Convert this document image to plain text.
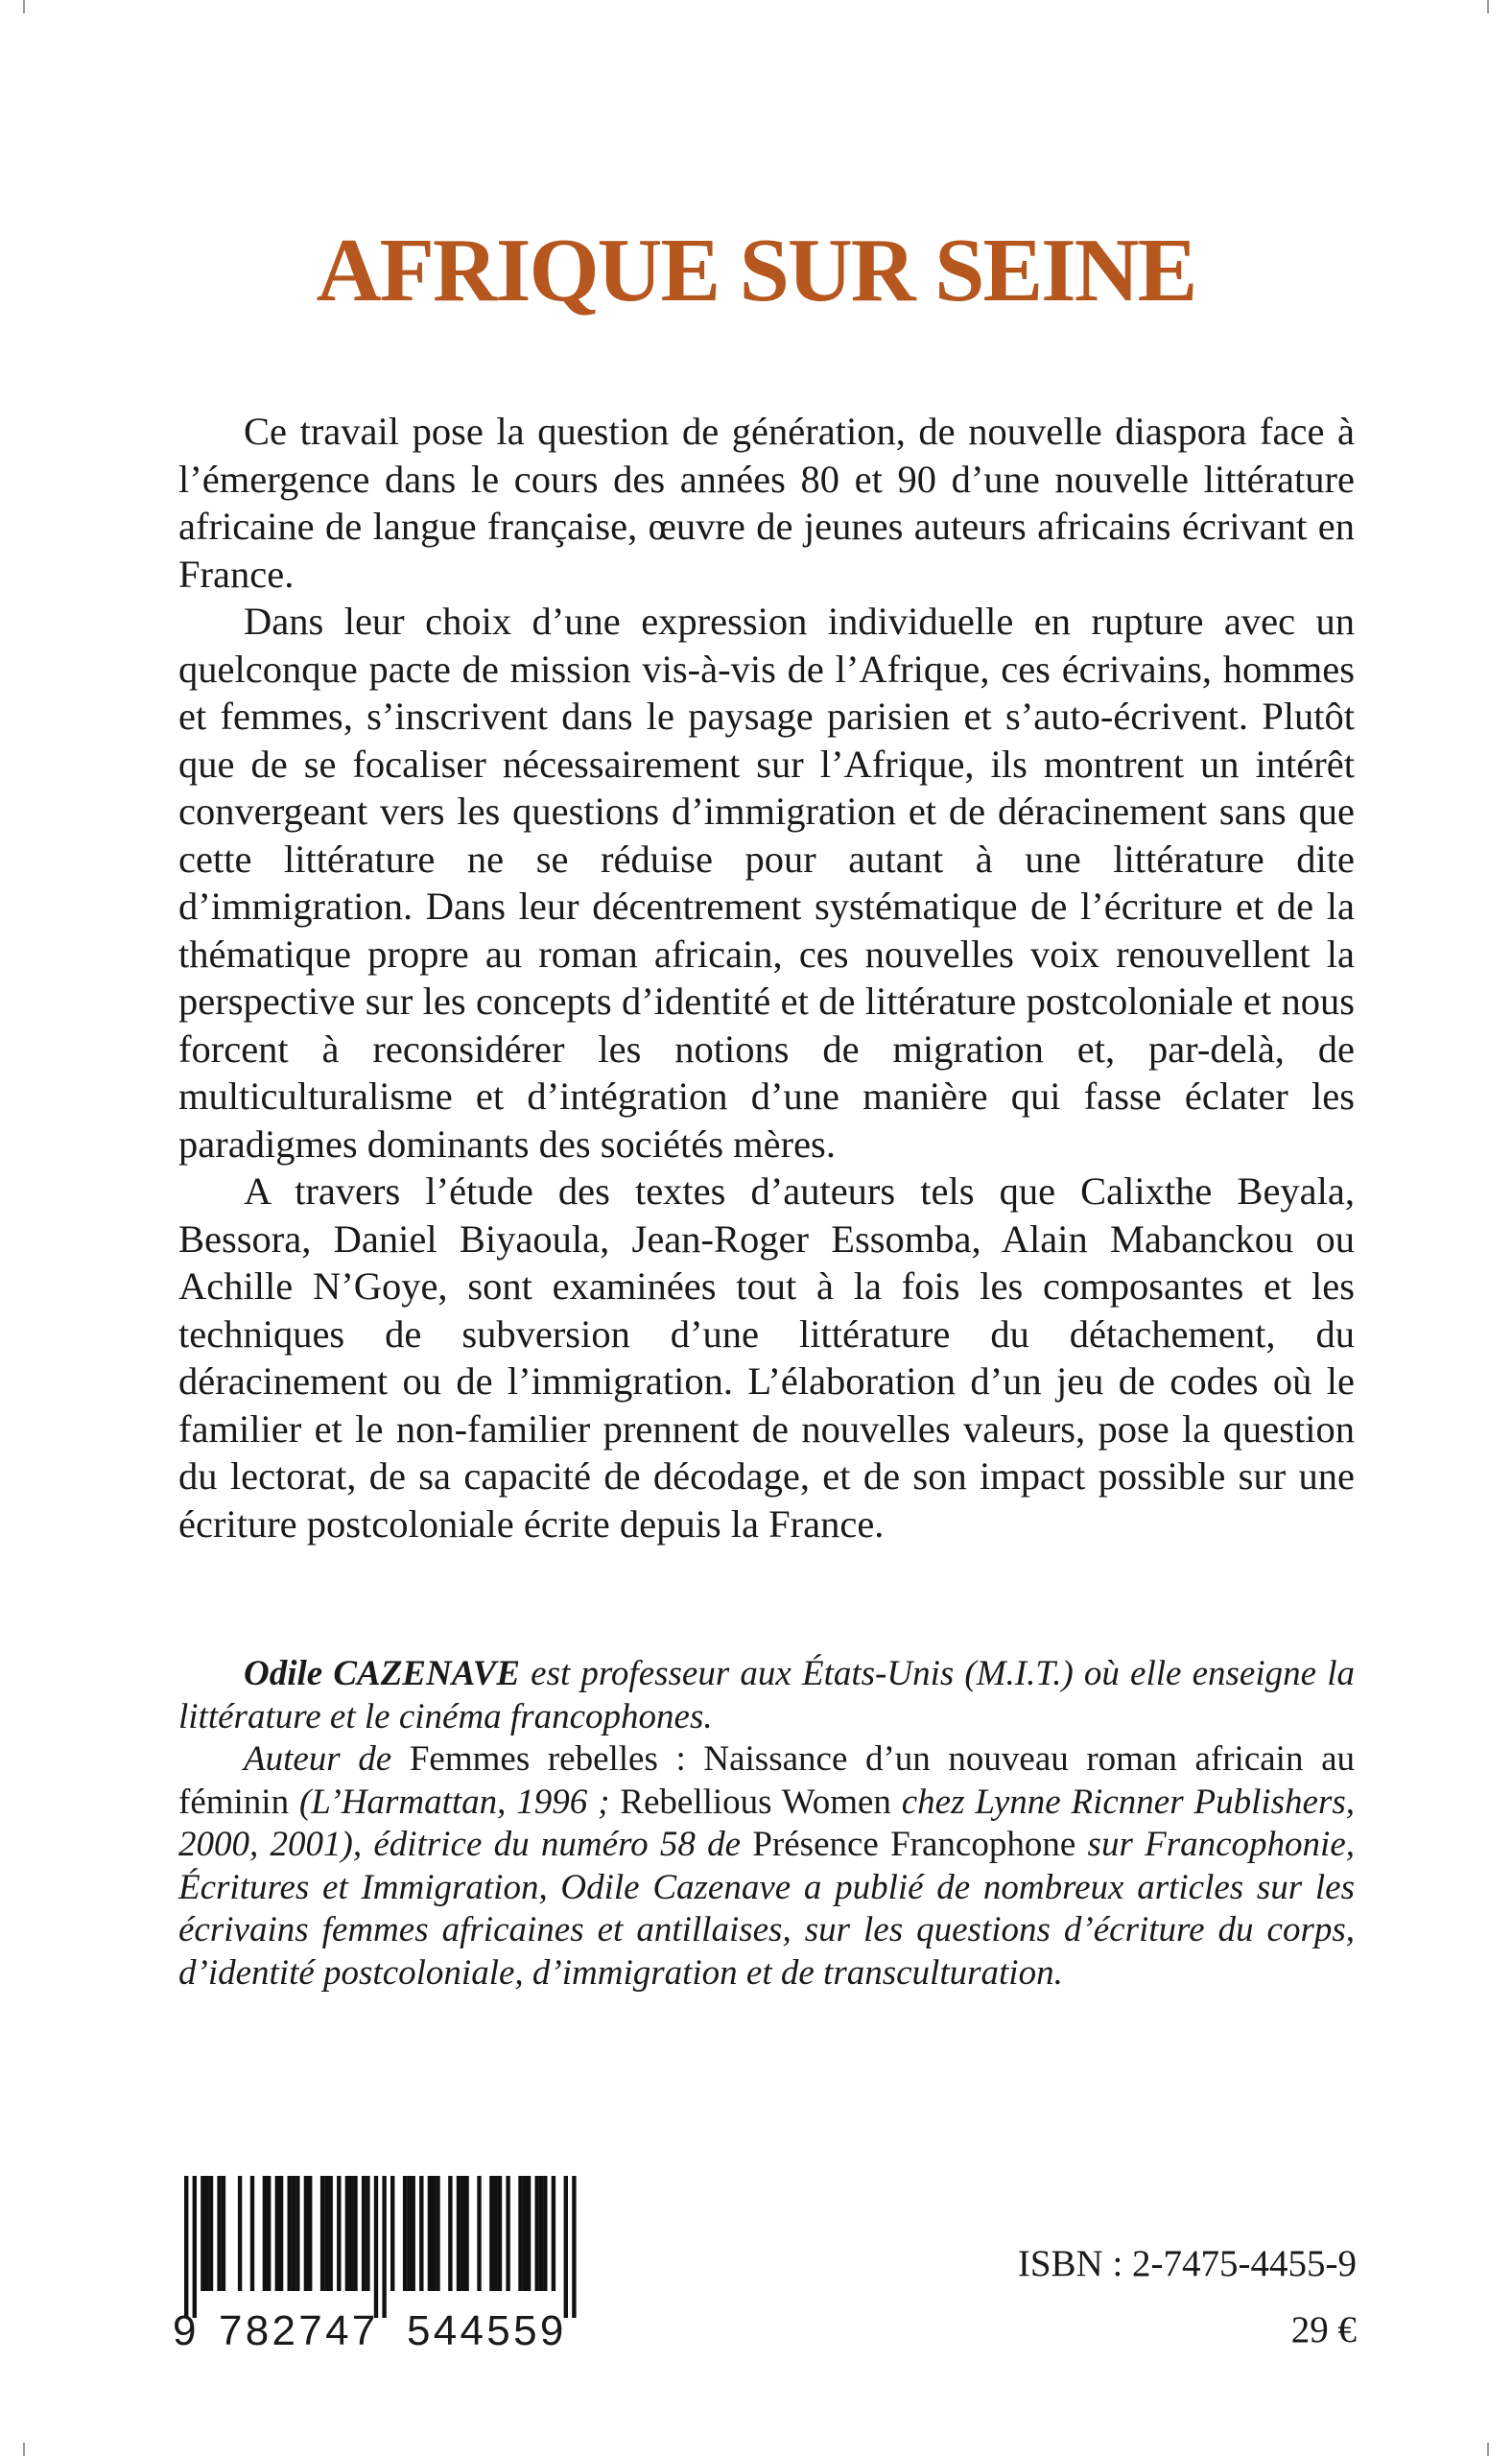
AFRIQUE SUR SEINE

Ce travail pose la question de génération, de nouvelle diaspora face à l’émergence dans le cours des années 80 et 90 d’une nouvelle littérature africaine de langue française, œuvre de jeunes auteurs africains écrivant en France.

Dans leur choix d’une expression individuelle en rupture avec un quelconque pacte de mission vis-à-vis de l’Afrique, ces écrivains, hommes et femmes, s’inscrivent dans le paysage parisien et s’auto-écrivent. Plutôt que de se focaliser nécessairement sur l’Afrique, ils montrent un intérêt convergeant vers les questions d’immigration et de déracinement sans que cette littérature ne se réduise pour autant à une littérature dite d’immigration. Dans leur décentrement systématique de l’écriture et de la thématique propre au roman africain, ces nouvelles voix renouvellent la perspective sur les concepts d’identité et de littérature postcoloniale et nous forcent à reconsidérer les notions de migration et, par-delà, de multiculturalisme et d’intégration d’une manière qui fasse éclater les paradigmes dominants des sociétés mères.

A travers l’étude des textes d’auteurs tels que Calixthe Beyala, Bessora, Daniel Biyaoula, Jean-Roger Essomba, Alain Mabanckou ou Achille N’Goye, sont examinées tout à la fois les composantes et les techniques de subversion d’une littérature du détachement, du déracinement ou de l’immigration. L’élaboration d’un jeu de codes où le familier et le non-familier prennent de nouvelles valeurs, pose la question du lectorat, de sa capacité de décodage, et de son impact possible sur une écriture postcoloniale écrite depuis la France.

Odile CAZENAVE est professeur aux États-Unis (M.I.T.) où elle enseigne la littérature et le cinéma francophones.

Auteur de Femmes rebelles : Naissance d’un nouveau roman africain au féminin (L’Harmattan, 1996 ; Rebellious Women chez Lynne Ricnner Publishers, 2000, 2001), éditrice du numéro 58 de Présence Francophone sur Francophonie, Écritures et Immigration, Odile Cazenave a publié de nombreux articles sur les écrivains femmes africaines et antillaises, sur les questions d’écriture du corps, d’identité postcoloniale, d’immigration et de transculturation.

9 782747 544559
ISBN : 2-7475-4455-9
29 €
